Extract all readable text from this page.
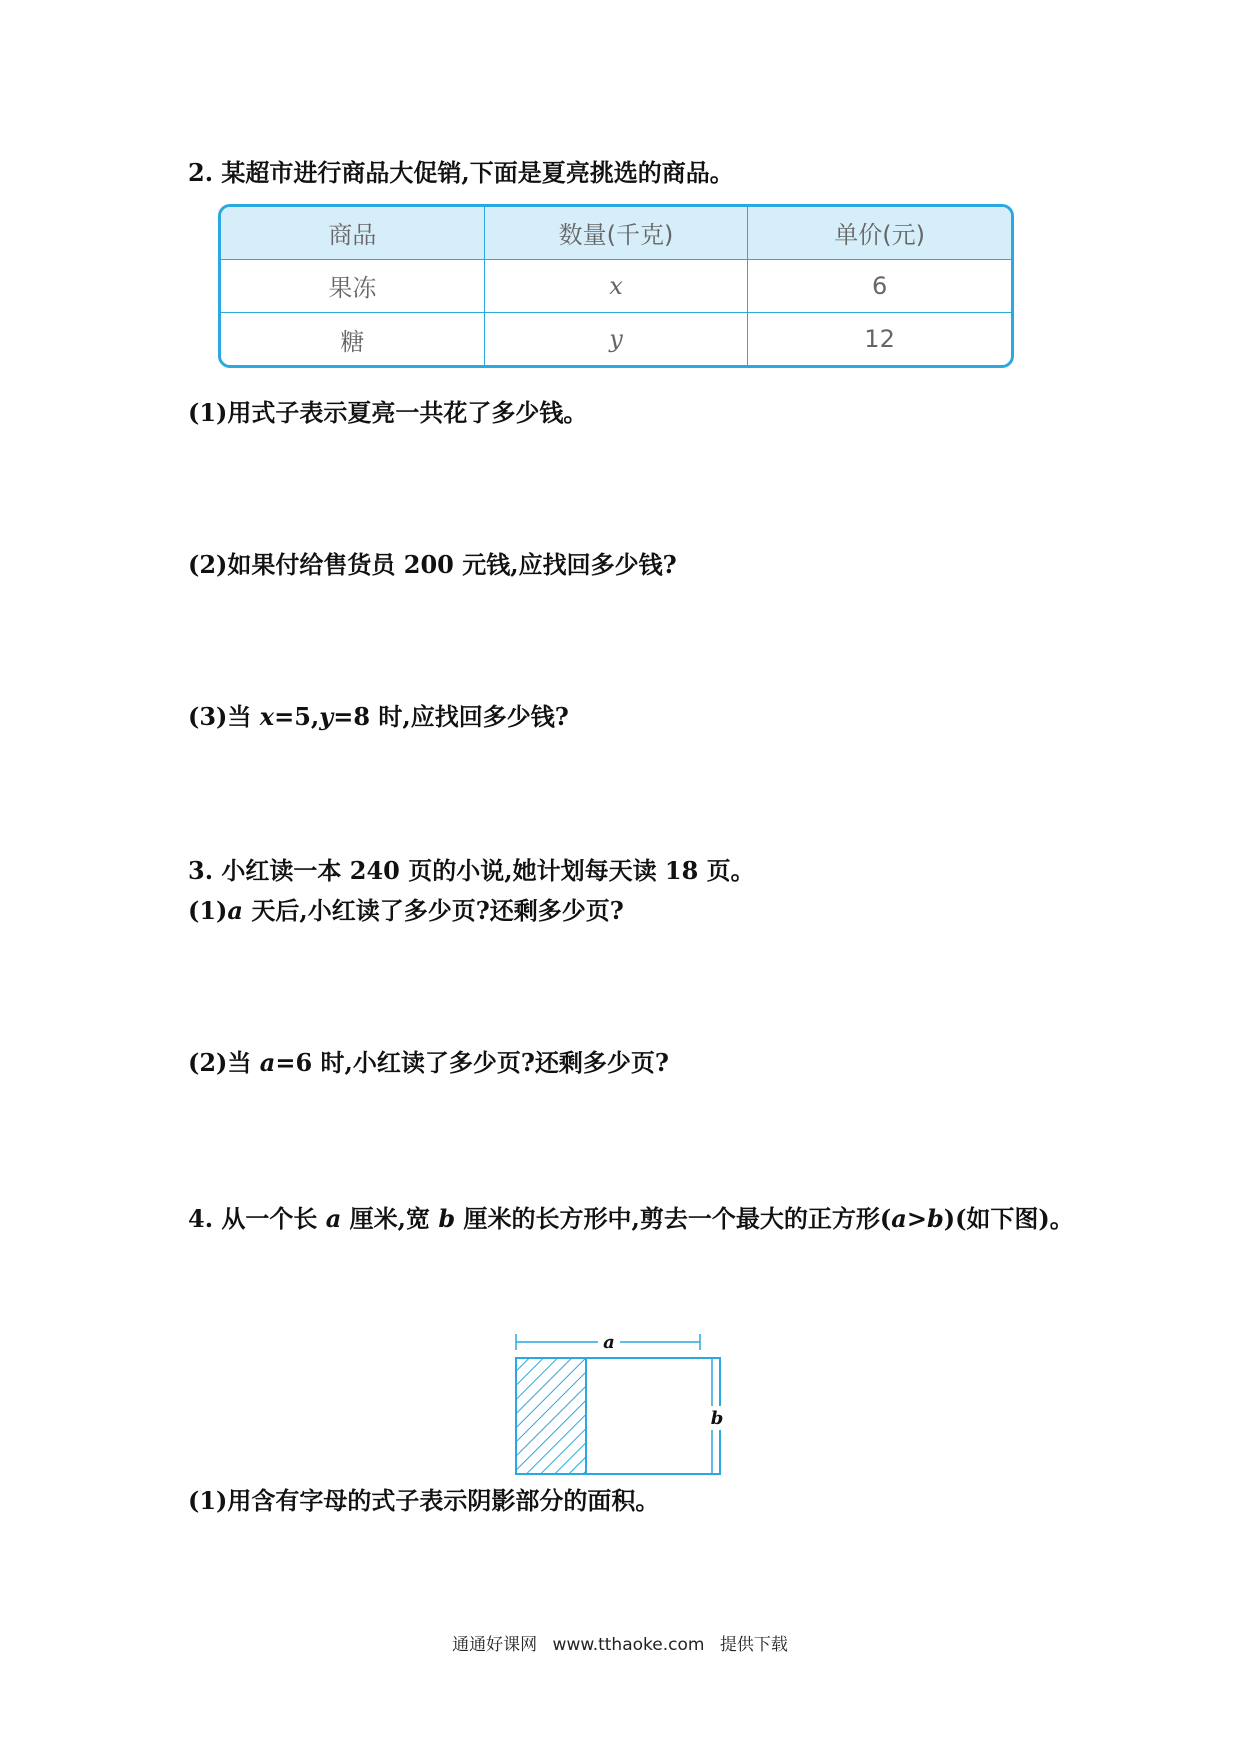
2. 某超市进行商品大促销,下面是夏亮挑选的商品。
商品	数量(千克)	单价(元)
果冻	x	6
糖	y	12
(1)用式子表示夏亮一共花了多少钱。
(2)如果付给售货员 200 元钱,应找回多少钱?
(3)当 x=5,y=8 时,应找回多少钱?
3. 小红读一本 240 页的小说,她计划每天读 18 页。
(1)a 天后,小红读了多少页?还剩多少页?
(2)当 a=6 时,小红读了多少页?还剩多少页?
4. 从一个长 a 厘米,宽 b 厘米的长方形中,剪去一个最大的正方形(a>b)(如下图)。
a
b
(1)用含有字母的式子表示阴影部分的面积。
通通好课网 www.tthaoke.com 提供下载
